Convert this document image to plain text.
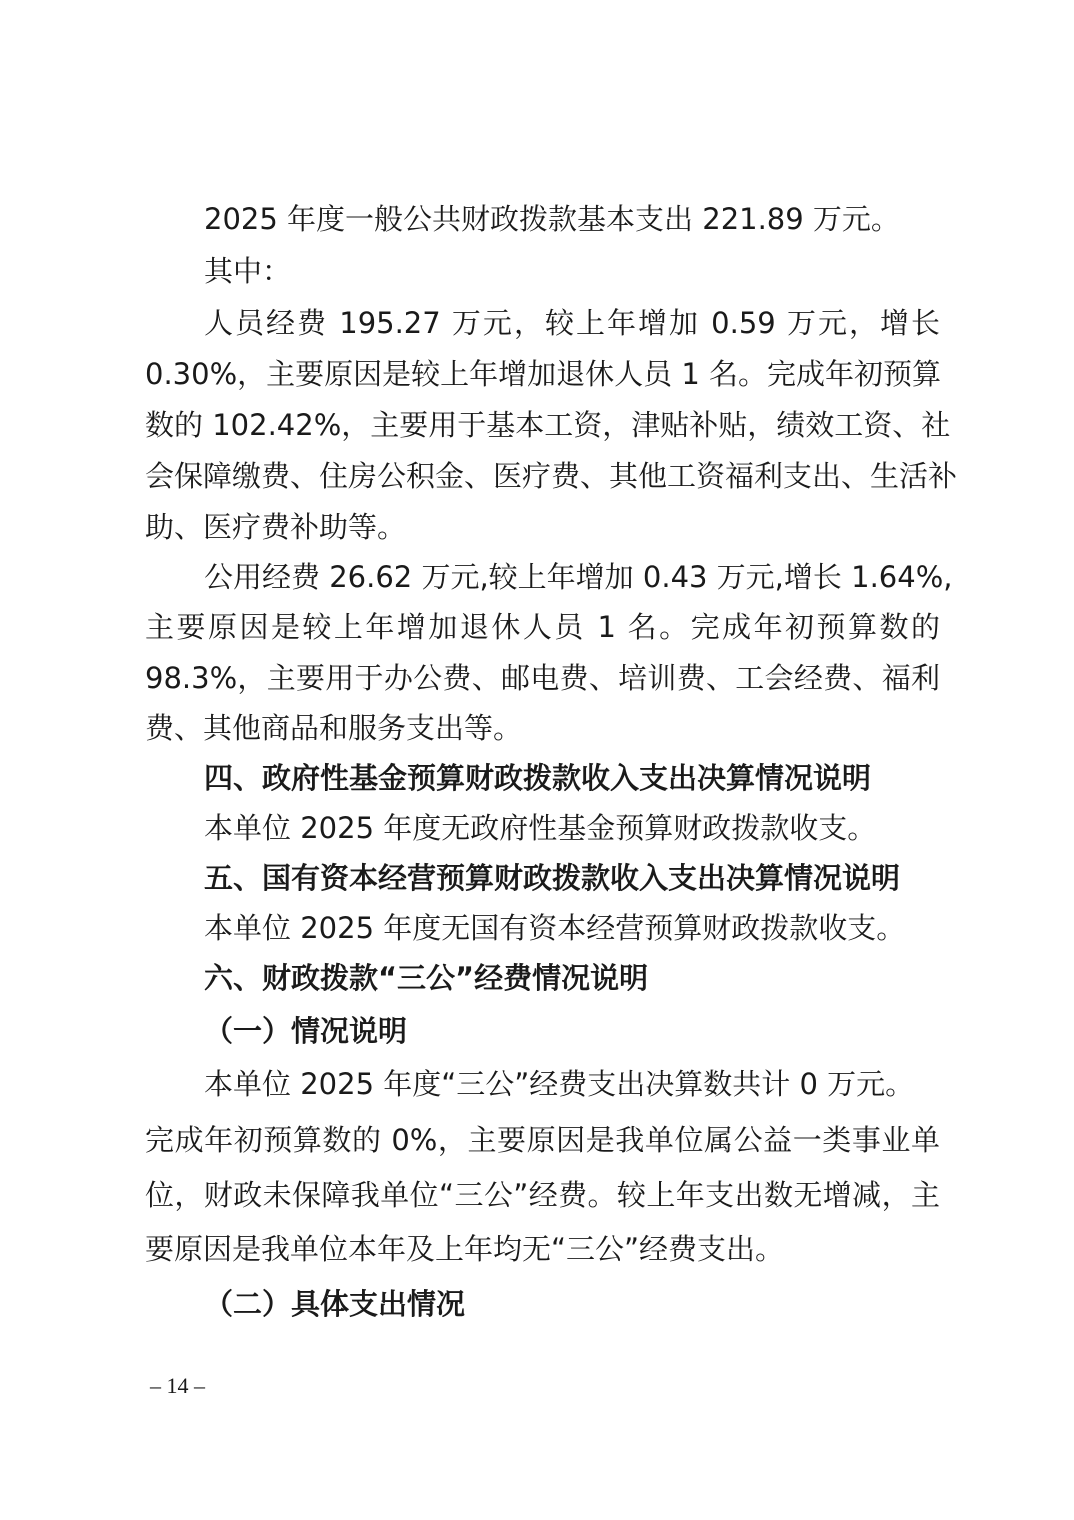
2025 年度一般公共财政拨款基本支出 221.89 万元。
其中：
人员经费 195.27 万元，较上年增加 0.59 万元，增长
0.30%，主要原因是较上年增加退休人员 1 名。完成年初预算
数的 102.42%，主要用于基本工资，津贴补贴，绩效工资、社
会保障缴费、住房公积金、医疗费、其他工资福利支出、生活补
助、医疗费补助等。
公用经费 26.62 万元,较上年增加 0.43 万元,增长 1.64%,
主要原因是较上年增加退休人员 1 名。完成年初预算数的
98.3%，主要用于办公费、邮电费、培训费、工会经费、福利
费、其他商品和服务支出等。
四、政府性基金预算财政拨款收入支出决算情况说明
本单位 2025 年度无政府性基金预算财政拨款收支。
五、国有资本经营预算财政拨款收入支出决算情况说明
本单位 2025 年度无国有资本经营预算财政拨款收支。
六、财政拨款“三公”经费情况说明
（一）情况说明
本单位 2025 年度“三公”经费支出决算数共计 0 万元。
完成年初预算数的 0%，主要原因是我单位属公益一类事业单
位，财政未保障我单位“三公”经费。较上年支出数无增减，主
要原因是我单位本年及上年均无“三公”经费支出。
（二）具体支出情况
– 14 –
